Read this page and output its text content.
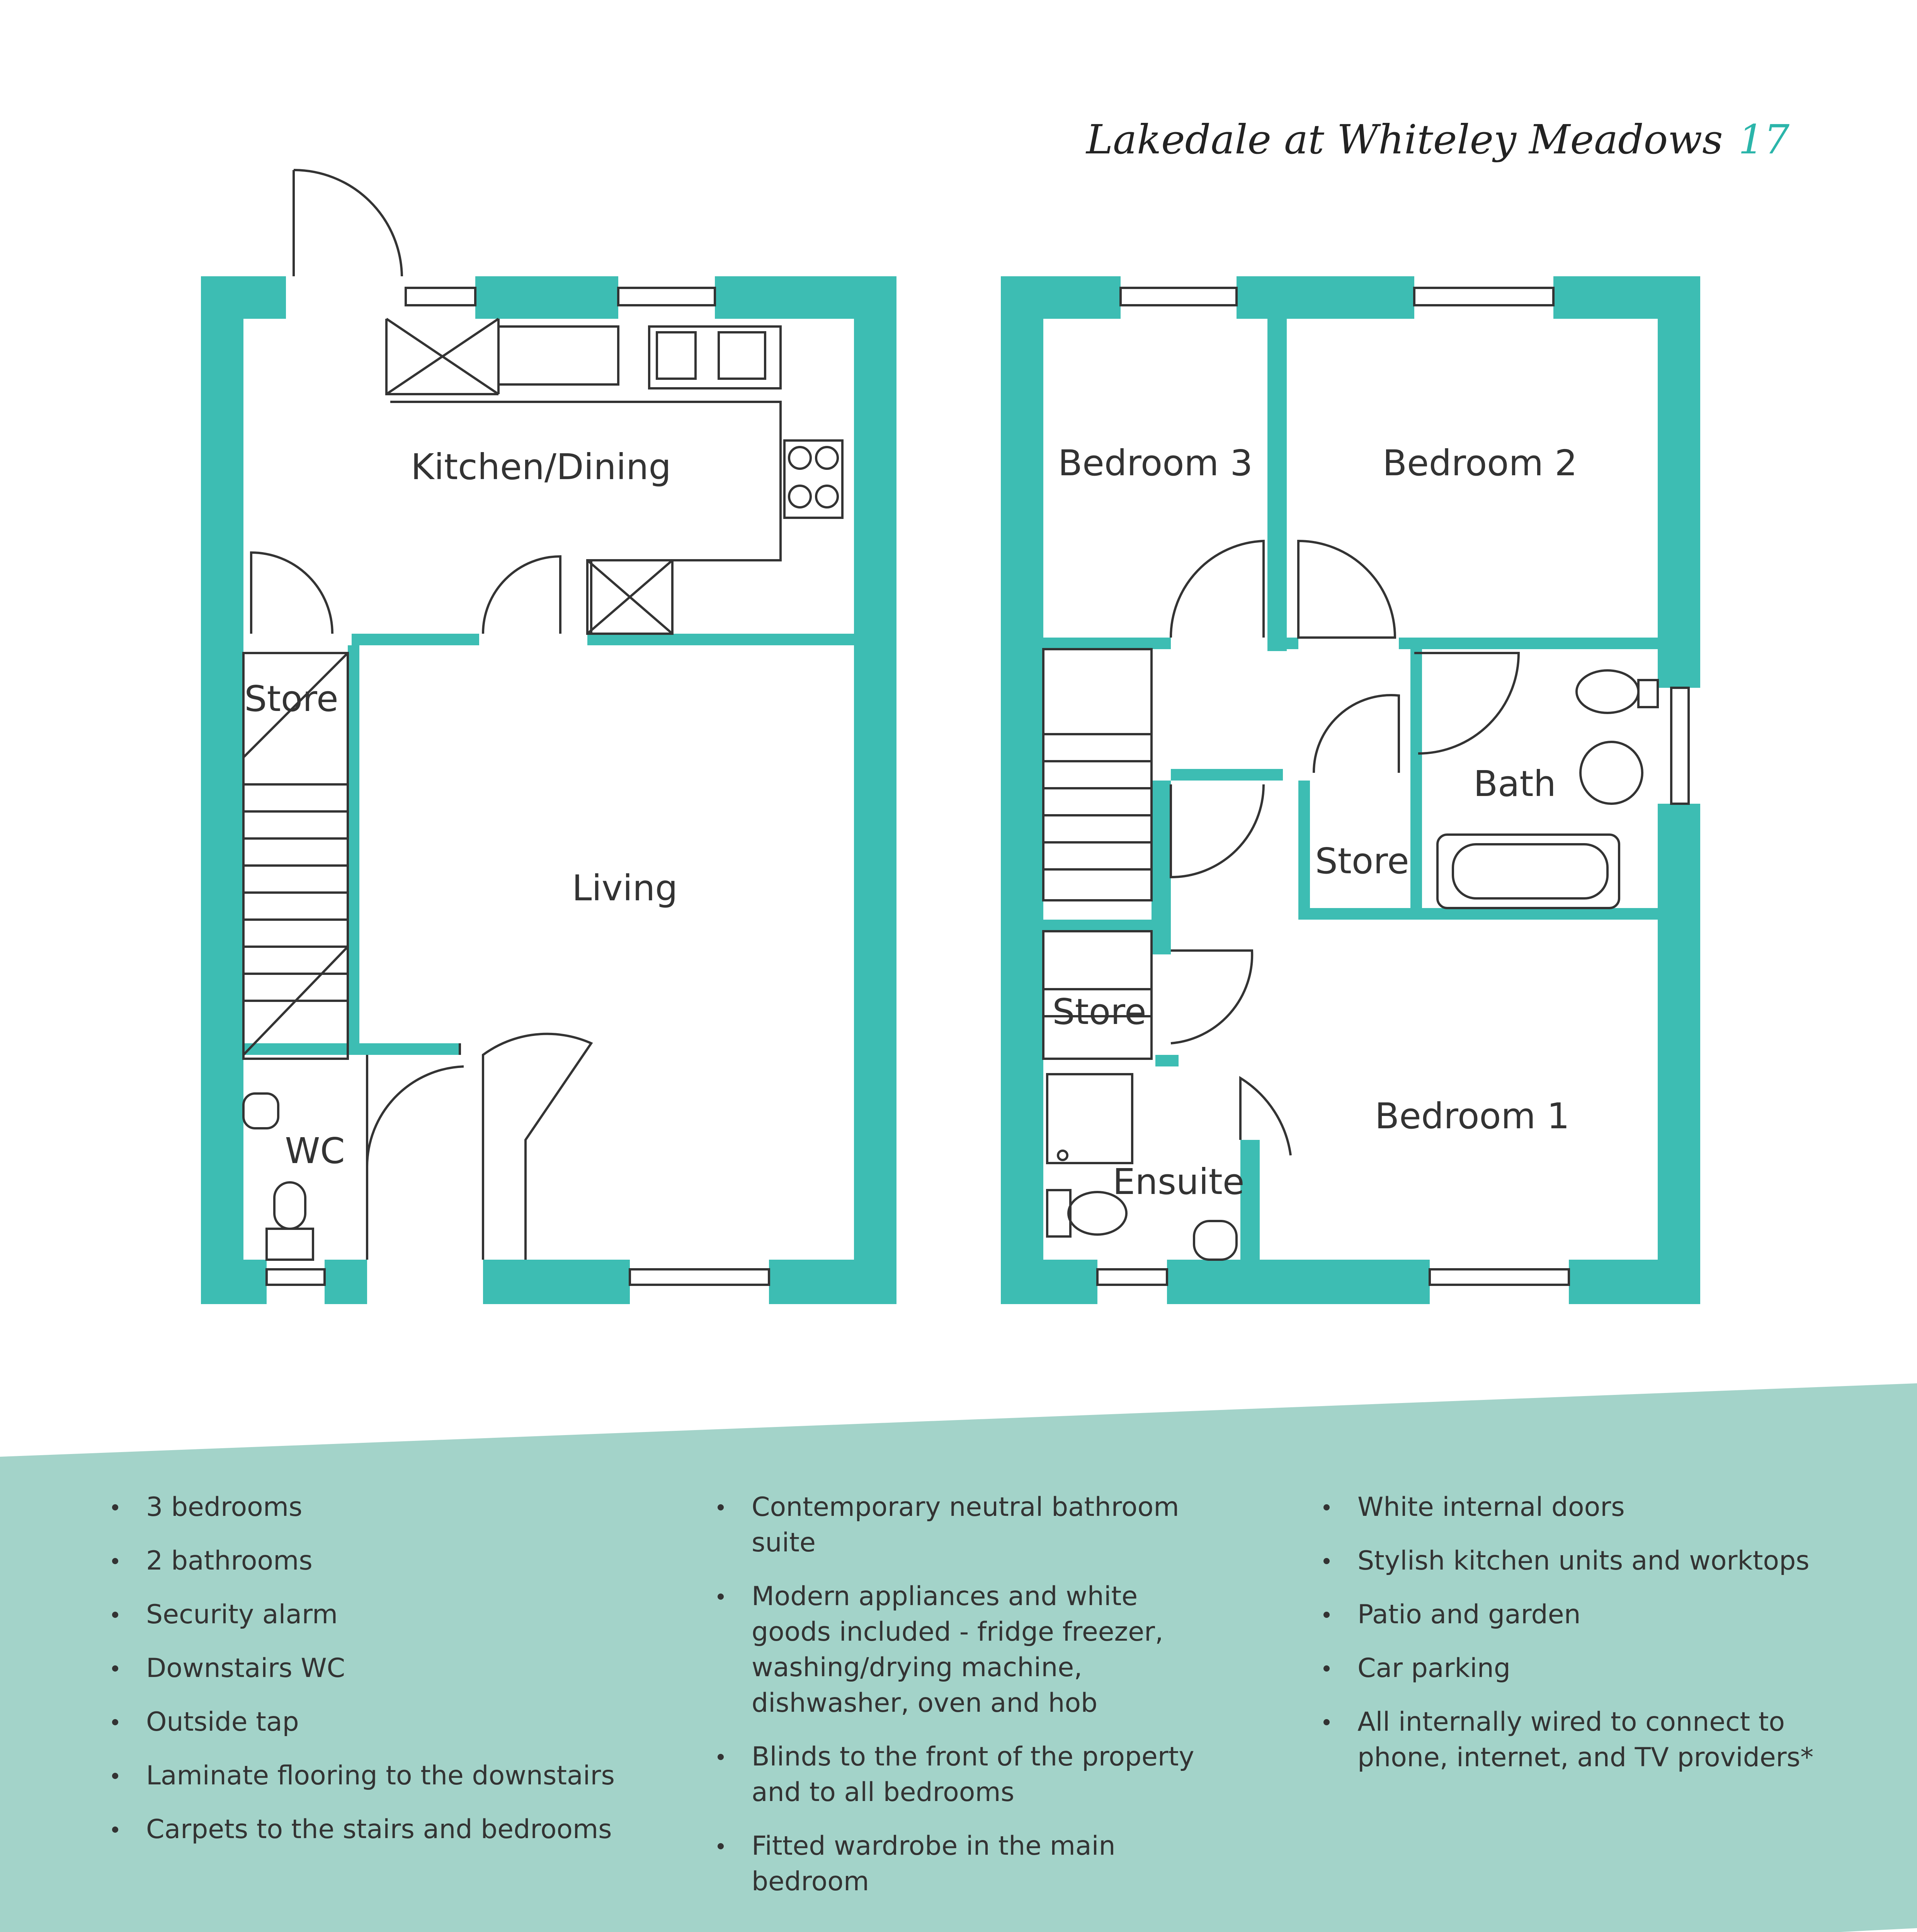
Lakedale at Whiteley Meadows 17
Kitchen/Dining
Store
Living
WC
Bedroom 3	Bedroom 2
Bath
Store
Store
Bedroom 1
Ensuite
3 bedrooms
2 bathrooms
Security alarm
Downstairs WC
Outside tap
Laminate flooring to the downstairs
Carpets to the stairs and bedrooms
Contemporary neutral bathroom suite
Modern appliances and white goods included - fridge freezer, washing/drying machine, dishwasher, oven and hob
Blinds to the front of the property and to all bedrooms
Fitted wardrobe in the main bedroom
White internal doors
Stylish kitchen units and worktops
Patio and garden
Car parking
All internally wired to connect to phone, internet, and TV providers*
